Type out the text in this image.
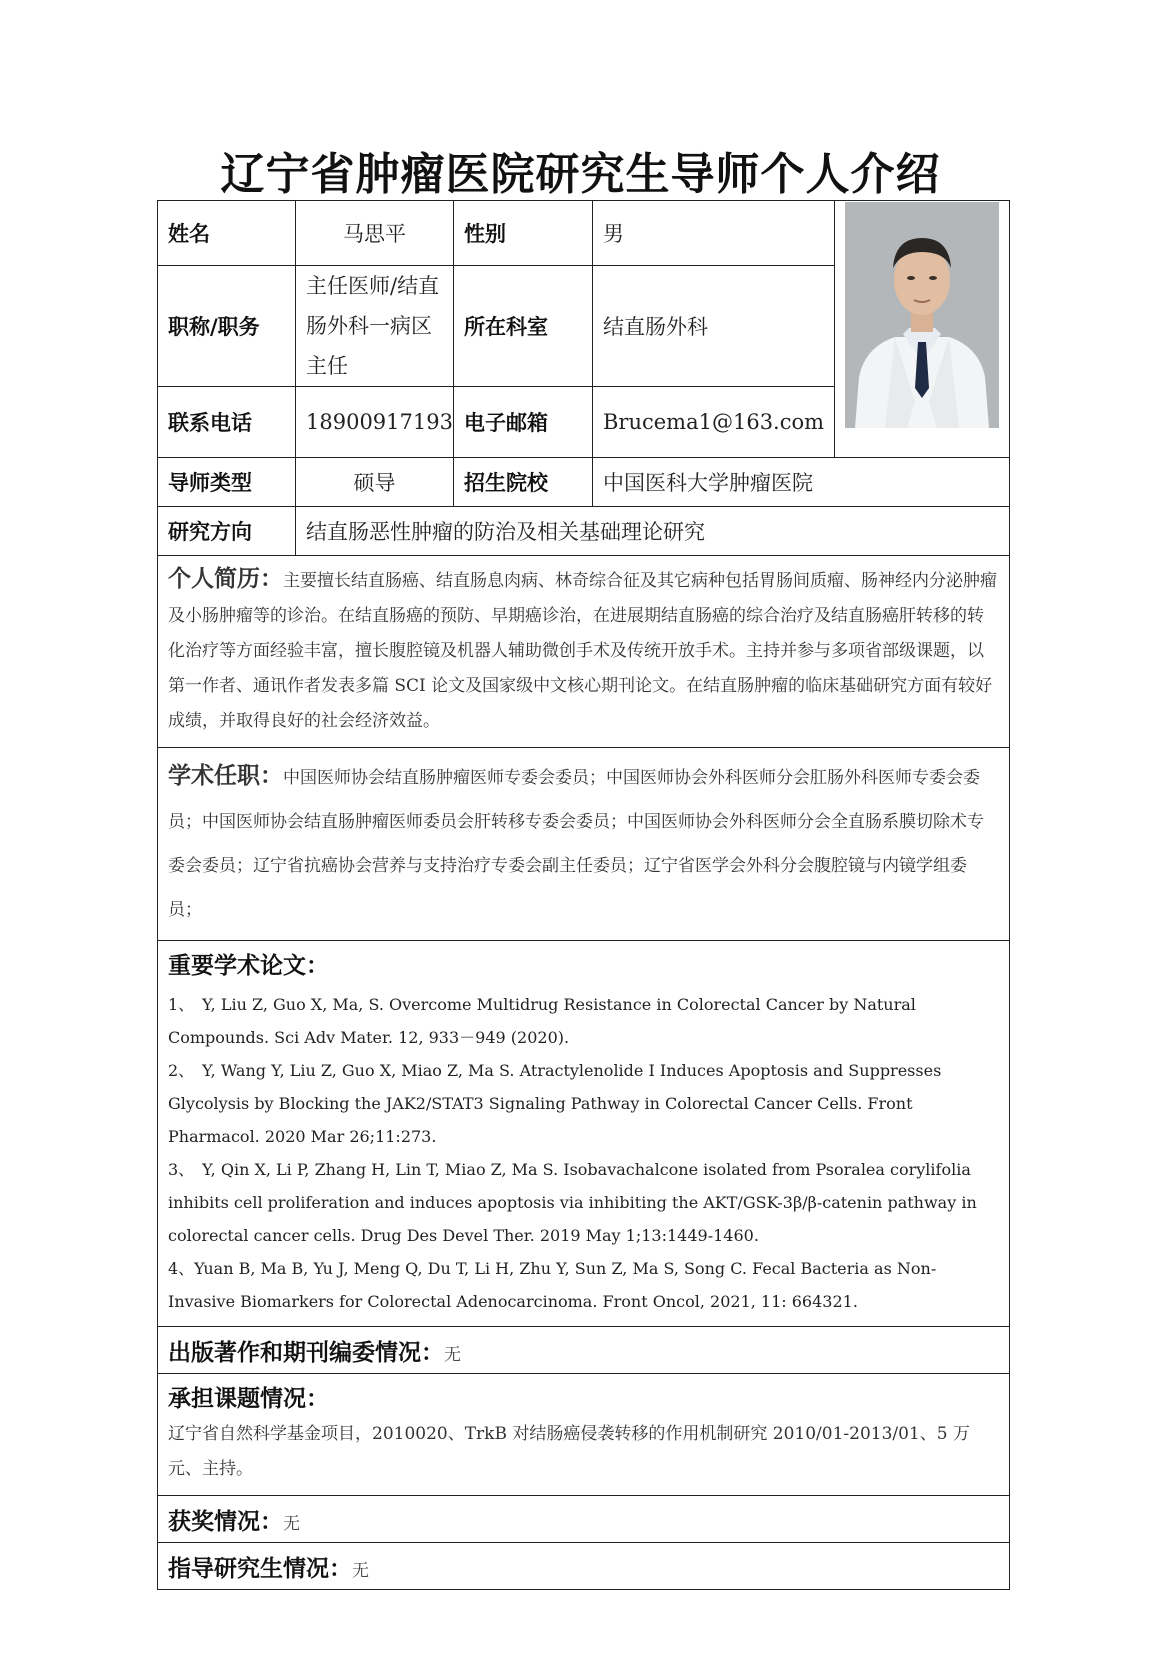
辽宁省肿瘤医院研究生导师个人介绍
姓名	马思平	性别	男	

职称/职务	主任医师/结直肠外科一病区主任	所在科室	结直肠外科	
联系电话	18900917193	电子邮箱	Brucema1@163.com	
导师类型	硕导	招生院校	中国医科大学肿瘤医院	
研究方向	结直肠恶性肿瘤的防治及相关基础理论研究			

个人简历：主要擅长结直肠癌、结直肠息肉病、林奇综合征及其它病种包括胃肠间质瘤、肠神经内分泌肿瘤及小肠肿瘤等的诊治。在结直肠癌的预防、早期癌诊治，在进展期结直肠癌的综合治疗及结直肠癌肝转移的转化治疗等方面经验丰富，擅长腹腔镜及机器人辅助微创手术及传统开放手术。主持并参与多项省部级课题，以第一作者、通讯作者发表多篇 SCI 论文及国家级中文核心期刊论文。在结直肠肿瘤的临床基础研究方面有较好成绩，并取得良好的社会经济效益。				

学术任职：中国医师协会结直肠肿瘤医师专委会委员；中国医师协会外科医师分会肛肠外科医师专委会委员；中国医师协会结直肠肿瘤医师委员会肝转移专委会委员；中国医师协会外科医师分会全直肠系膜切除术专委会委员；辽宁省抗癌协会营养与支持治疗专委会副主任委员；辽宁省医学会外科分会腹腔镜与内镜学组委员；				

重要学术论文：

1、　Y, Liu Z, Guo X, Ma, S. Overcome Multidrug Resistance in Colorectal Cancer by Natural Compounds. Sci Adv Mater. 12, 933－949 (2020).

2、　Y, Wang Y, Liu Z, Guo X, Miao Z, Ma S. Atractylenolide I Induces Apoptosis and Suppresses Glycolysis by Blocking the JAK2/STAT3 Signaling Pathway in Colorectal Cancer Cells. Front Pharmacol. 2020 Mar 26;11:273.

3、　Y, Qin X, Li P, Zhang H, Lin T, Miao Z, Ma S. Isobavachalcone isolated from Psoralea corylifolia inhibits cell proliferation and induces apoptosis via inhibiting the AKT/GSK-3β/β-catenin pathway in colorectal cancer cells. Drug Des Devel Ther. 2019 May 1;13:1449-1460.

4、Yuan B, Ma B, Yu J, Meng Q, Du T, Li H, Zhu Y, Sun Z, Ma S, Song C. Fecal Bacteria as Non-Invasive Biomarkers for Colorectal Adenocarcinoma. Front Oncol, 2021, 11: 664321.				

出版著作和期刊编委情况：无				

承担课题情况：
辽宁省自然科学基金项目，2010020、TrkB 对结肠癌侵袭转移的作用机制研究 2010/01-2013/01、5 万元、主持。				

获奖情况：无				
指导研究生情况：无				
